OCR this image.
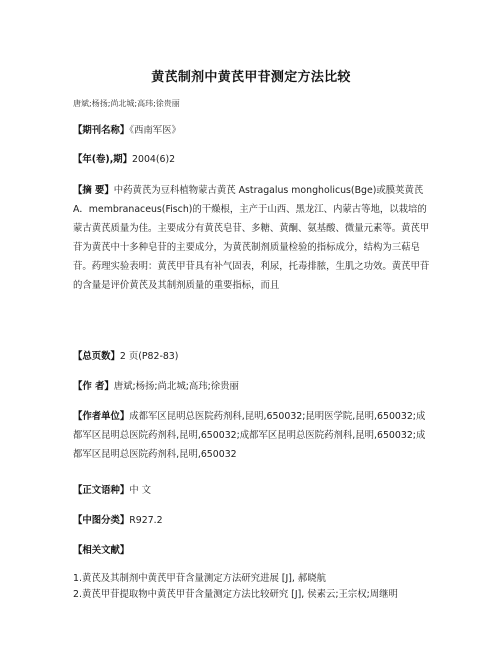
黄芪制剂中黄芪甲苷测定方法比较
唐斌;杨扬;尚北城;高玮;徐贵丽
【期刊名称】《西南军医》
【年(卷),期】2004(6)2
【摘 要】中药黄芪为豆科植物蒙古黄芪 Astragalus mongholicus(Bge)或膜荚黄芪 A．membranaceus(Fisch)的干燥根，主产于山西、黑龙江、内蒙古等地，以栽培的蒙古黄芪质量为佳。主要成分有黄芪皂苷、多糖、黄酮、氨基酸、微量元素等。黄芪甲苷为黄芪中十多种皂苷的主要成分，为黄芪制剂质量检验的指标成分，结构为三萜皂苷。药理实验表明：黄芪甲苷具有补气固表，利尿，托毒排脓，生肌之功效。黄芪甲苷的含量是评价黄芪及其制剂质量的重要指标，而且
【总页数】2 页(P82-83)
【作 者】唐斌;杨扬;尚北城;高玮;徐贵丽
【作者单位】成都军区昆明总医院药剂科,昆明,650032;昆明医学院,昆明,650032;成都军区昆明总医院药剂科,昆明,650032;成都军区昆明总医院药剂科,昆明,650032;成都军区昆明总医院药剂科,昆明,650032
【正文语种】中 文
【中图分类】R927.2
【相关文献】
1.黄芪及其制剂中黄芪甲苷含量测定方法研究进展 [J], 郝晓航
2.黄芪甲苷提取物中黄芪甲苷含量测定方法比较研究 [J], 侯素云;王宗权;周继明
